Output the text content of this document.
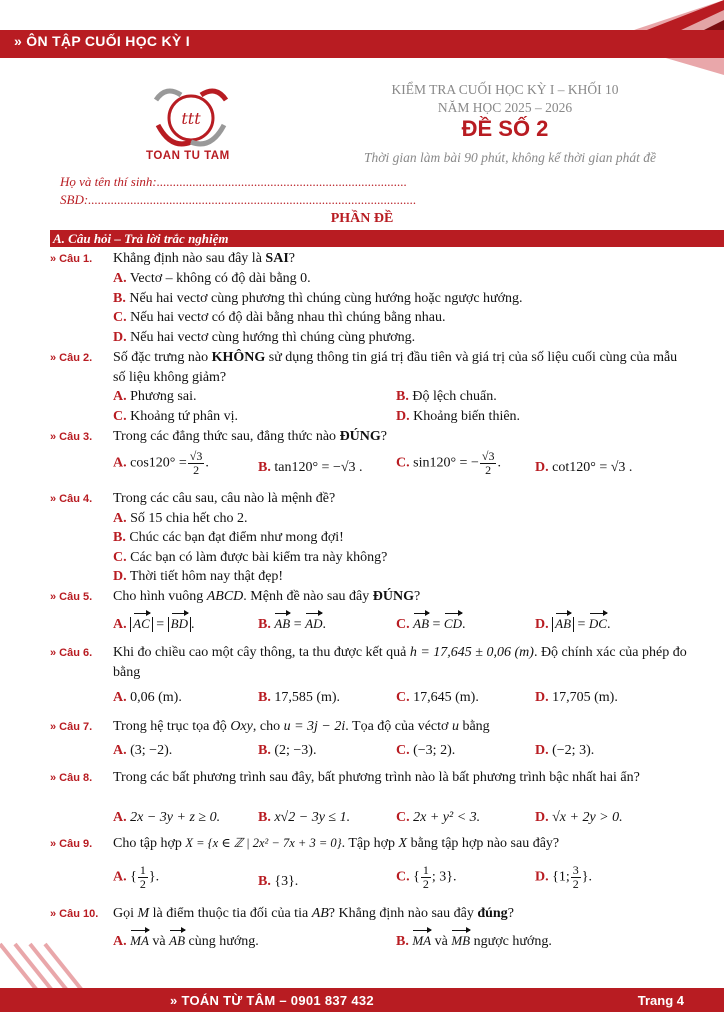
» ÔN TẬP CUỐI HỌC KỲ I
ttt
TOAN TU TAM
KIỂM TRA CUỐI HỌC KỲ I – KHỐI 10
NĂM HỌC 2025 – 2026
ĐỀ SỐ 2
Thời gian làm bài 90 phút, không kể thời gian phát đề
Họ và tên thí sinh:.............................................................................
SBD:.....................................................................................................
PHẦN ĐỀ
A. Câu hỏi – Trả lời trắc nghiệm
» Câu 1. Khẳng định nào sau đây là SAI?
A. Vectơ – không có độ dài bằng 0.
B. Nếu hai vectơ cùng phương thì chúng cùng hướng hoặc ngược hướng.
C. Nếu hai vectơ có độ dài bằng nhau thì chúng bằng nhau.
D. Nếu hai vectơ cùng hướng thì chúng cùng phương.
» Câu 2. Số đặc trưng nào KHÔNG sử dụng thông tin giá trị đầu tiên và giá trị của số liệu cuối cùng của mẫu số liệu không giảm?
A. Phương sai.	B. Độ lệch chuẩn.
C. Khoảng tứ phân vị.	D. Khoảng biến thiên.
» Câu 3. Trong các đẳng thức sau, đẳng thức nào ĐÚNG?
A. $\cos 120^\circ = \frac{√3}{2}$ .	B. tan120° = −√3 . C. sin120° = − $\frac{√3}{2}$ . D. cot120° = √3 .
» Câu 4. Trong các câu sau, câu nào là mệnh đề?
A. Số 15 chia hết cho 2.
B. Chúc các bạn đạt điểm như mong đợi!
C. Các bạn có làm được bài kiểm tra này không?
D. Thời tiết hôm nay thật đẹp!
» Câu 5. Cho hình vuông ABCD. Mệnh đề nào sau đây ĐÚNG?
A. AC = BD .	B. AB = AD.	C. AB = CD.	D. AB = DC.
» Câu 6. Khi đo chiều cao một cây thông, ta thu được kết quả h = 17,645 ± 0,06 (m). Độ chính xác của phép đo bằng
A. 0,06 (m).	B. 17,585 (m).	C. 17,645 (m).	D. 17,705 (m).
» Câu 7. Trong hệ trục tọa độ Oxy, cho u = 3j − 2i. Tọa độ của véctơ u bằng
A. (3; −2).	B. (2; −3).	C. (−3; 2).	D. (−2; 3).
» Câu 8. Trong các bất phương trình sau đây, bất phương trình nào là bất phương trình bậc nhất hai ẩn?
A. 2x − 3y + z ≥ 0.	B. x√2 − 3y ≤ 1.	C. 2x + y² < 3.	D. √x + 2y > 0.
» Câu 9. Cho tập hợp X = {x ∈ ℤ | 2x² − 7x + 3 = 0}. Tập hợp X bằng tập hợp nào sau đây?
A. { $\frac{1}{2}$ }.	B. {3}.	C. { $\frac{1}{2}$ ; 3}.	D. {1; $\frac{3}{2}$ }.
» Câu 10. Gọi M là điểm thuộc tia đối của tia AB? Khẳng định nào sau đây đúng?
A. MA và AB cùng hướng.	B. MA và MB ngược hướng.
» TOÁN TỪ TÂM – 0901 837 432	Trang 4
